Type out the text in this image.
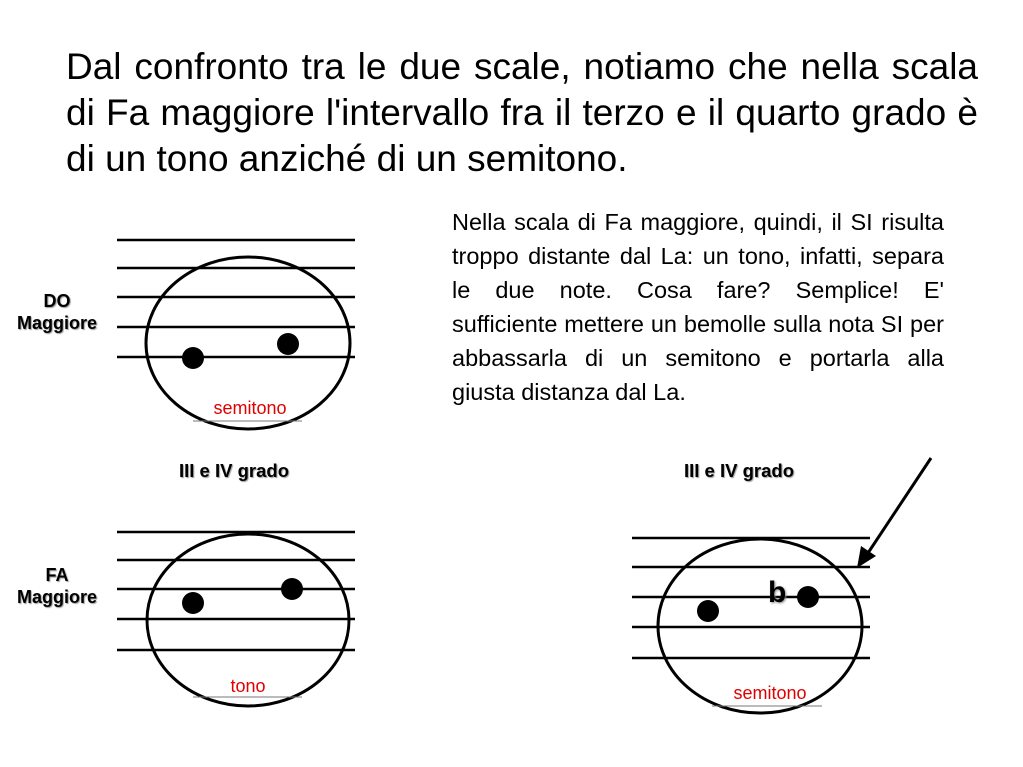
Dal confronto tra le due scale, notiamo che nella scala di Fa maggiore l'intervallo fra il terzo e il quarto grado è di un tono anziché di un semitono.

Nella scala di Fa maggiore, quindi, il SI risulta troppo distante dal La: un tono, infatti, separa le due note. Cosa fare? Semplice! E' sufficiente mettere un bemolle sulla nota SI per abbassarla di un semitono e portarla alla giusta distanza dal La.

DO
Maggiore
semitono
III e IV grado
FA
Maggiore
tono
III e IV grado
b
semitono
